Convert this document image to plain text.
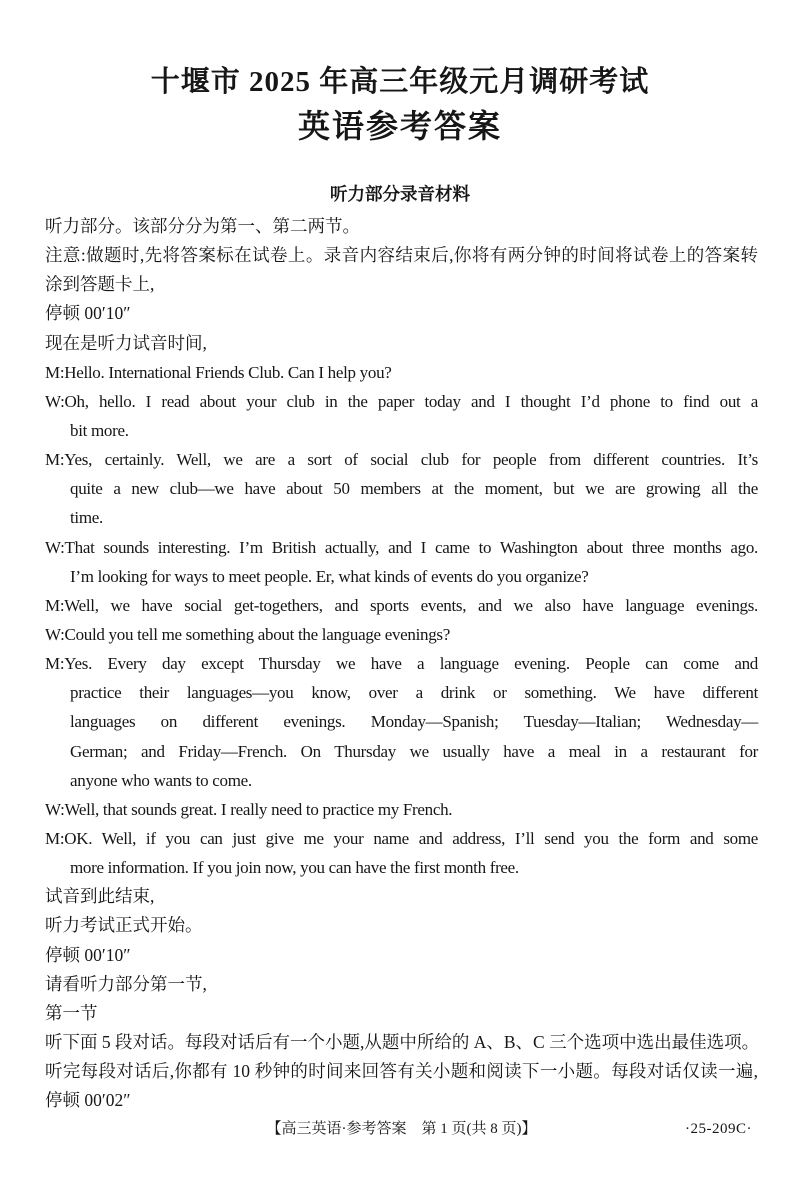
十堰市 2025 年高三年级元月调研考试
英语参考答案
听力部分录音材料
听力部分。该部分分为第一、第二两节。
注意:做题时,先将答案标在试卷上。录音内容结束后,你将有两分钟的时间将试卷上的答案转
涂到答题卡上,
停顿 00′10″
现在是听力试音时间,
M:Hello. International Friends Club. Can I help you?
W:Oh, hello. I read about your club in the paper today and I thought I’d phone to find out a
bit more.
M:Yes, certainly. Well, we are a sort of social club for people from different countries. It’s
quite a new club—we have about 50 members at the moment, but we are growing all the
time.
W:That sounds interesting. I’m British actually, and I came to Washington about three months ago.
I’m looking for ways to meet people. Er, what kinds of events do you organize?
M:Well, we have social get-togethers, and sports events, and we also have language evenings.
W:Could you tell me something about the language evenings?
M:Yes. Every day except Thursday we have a language evening. People can come and
practice their languages—you know, over a drink or something. We have different
languages on different evenings. Monday—Spanish; Tuesday—Italian; Wednesday—
German; and Friday—French. On Thursday we usually have a meal in a restaurant for
anyone who wants to come.
W:Well, that sounds great. I really need to practice my French.
M:OK. Well, if you can just give me your name and address, I’ll send you the form and some
more information. If you join now, you can have the first month free.
试音到此结束,
听力考试正式开始。
停顿 00′10″
请看听力部分第一节,
第一节
听下面 5 段对话。每段对话后有一个小题,从题中所给的 A、B、C 三个选项中选出最佳选项。
听完每段对话后,你都有 10 秒钟的时间来回答有关小题和阅读下一小题。每段对话仅读一遍,
停顿 00′02″
【高三英语·参考答案　第 1 页(共 8 页)】	·25-209C·
